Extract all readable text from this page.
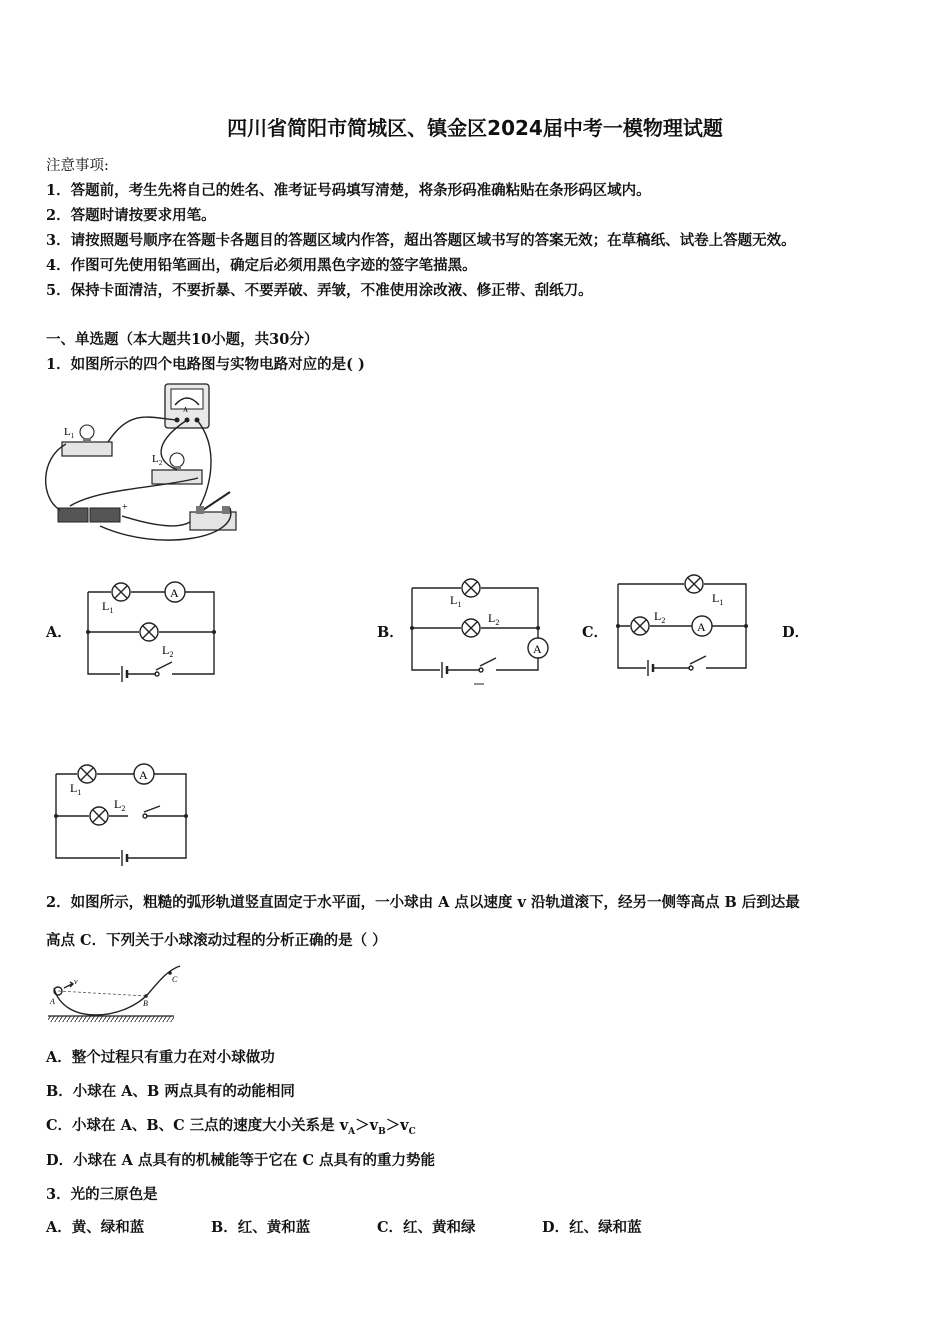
四川省简阳市简城区、镇金区2024届中考一模物理试题
注意事项:
1．答题前，考生先将自己的姓名、准考证号码填写清楚，将条形码准确粘贴在条形码区域内。
2．答题时请按要求用笔。
3．请按照题号顺序在答题卡各题目的答题区域内作答，超出答题区域书写的答案无效；在草稿纸、试卷上答题无效。
4．作图可先使用铅笔画出，确定后必须用黑色字迹的签字笔描黑。
5．保持卡面清洁，不要折暴、不要弄破、弄皱，不准使用涂改液、修正带、刮纸刀。
一、单选题（本大题共10小题，共30分）
1．如图所示的四个电路图与实物电路对应的是( )
A
$L_1$
$L_2$
+
A．	B．	C．	D．
A
$L_1$
$L_2$	A
$L_1$
$L_2$	A
$L_1$
$L_2$
A
$L_1$
$L_2$
2．如图所示，粗糙的弧形轨道竖直固定于水平面，一小球由 A 点以速度 v 沿轨道滚下，经另一侧等高点 B 后到达最
高点 C．下列关于小球滚动过程的分析正确的是（ ）
A
v
B
C
A．整个过程只有重力在对小球做功
B．小球在 A、B 两点具有的动能相同
C．小球在 A、B、C 三点的速度大小关系是 $v_A>v_B>v_C$
D．小球在 A 点具有的机械能等于它在 C 点具有的重力势能
3．光的三原色是
A．黄、绿和蓝	B．红、黄和蓝	C．红、黄和绿	D．红、绿和蓝
